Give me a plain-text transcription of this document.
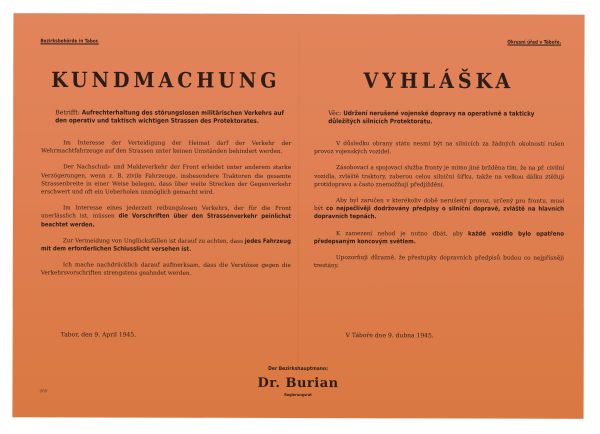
Bezirksbehörde in Tabor.
KUNDMACHUNG
Betrifft: Aufrechterhaltung des störungslosen militärischen Verkehrs auf den operativ und taktisch wichtigen Strassen des Protektorates.

Im Interesse der Verteidigung der Heimat darf der Verkehr der Wehrmachtfahrzeuge auf den Strassen unter keinen Umständen behindert werden.

Der Nachschub- und Meldeverkehr der Front erleidet unter anderem starke Verzögerungen, wenn z. B. zivile Fahrzeuge, insbesondere Traktoren die gesamte Strassenbreite in einer Weise belegen, dass über weite Strecken der Gegenverkehr erschwert und oft ein Ueberholen unmöglich gemacht wird.

Im Interesse eines jederzeit reibungslosen Verkehrs, der für die Front unerlässlich ist, müssen die Vorschriften über den Strassenverkehr peinlichst beachtet werden.

Zur Vermeidung von Unglücksfällen ist darauf zu achten, dass jedes Fahrzeug mit dem erforderlichen Schlusslicht versehen ist.

Ich mache nachdrücklich darauf aufmerksam, dass die Verstösse gegen die Verkehrsvorschriften strengstens geahndet werden.

Tabor, den 9. April 1945.
Okresní úřad v Táboře.
VYHLÁŠKA
Věc: Udržení nerušené vojenské dopravy na operativně a takticky důležitých silnicích Protektorátu.

V důsledku obrany státu nesmí být na silnicích za žádných okolností rušen provoz vojenských vozidel.

Zásobovací a spojovací služba fronty je mimo jiné bržděna tím, že na př. civilní vozidla, zvláště traktory, zaberou celou silniční šířku, takže na velkou dálku ztěžují protidopravu a často znemožňují předjíždění.

Aby byl zaručen v kterékoliv době nerušený provoz, určený pro frontu, musí být co nejpečlivěji dodržovány předpisy o silniční dopravě, zvláště na hlavních dopravních tepnách.

K zamezení nehod je nutno dbát, aby každé vozidlo bylo opatřeno předepsaným koncovým světlem.

Upozorňuji důrazně, že přestupky dopravních předpisů budou co nejpřísněji trestány.

V Táboře dne 9. dubna 1945.
Der Bezirkshauptmann:
Dr. Burian
Regierungsrat
909
